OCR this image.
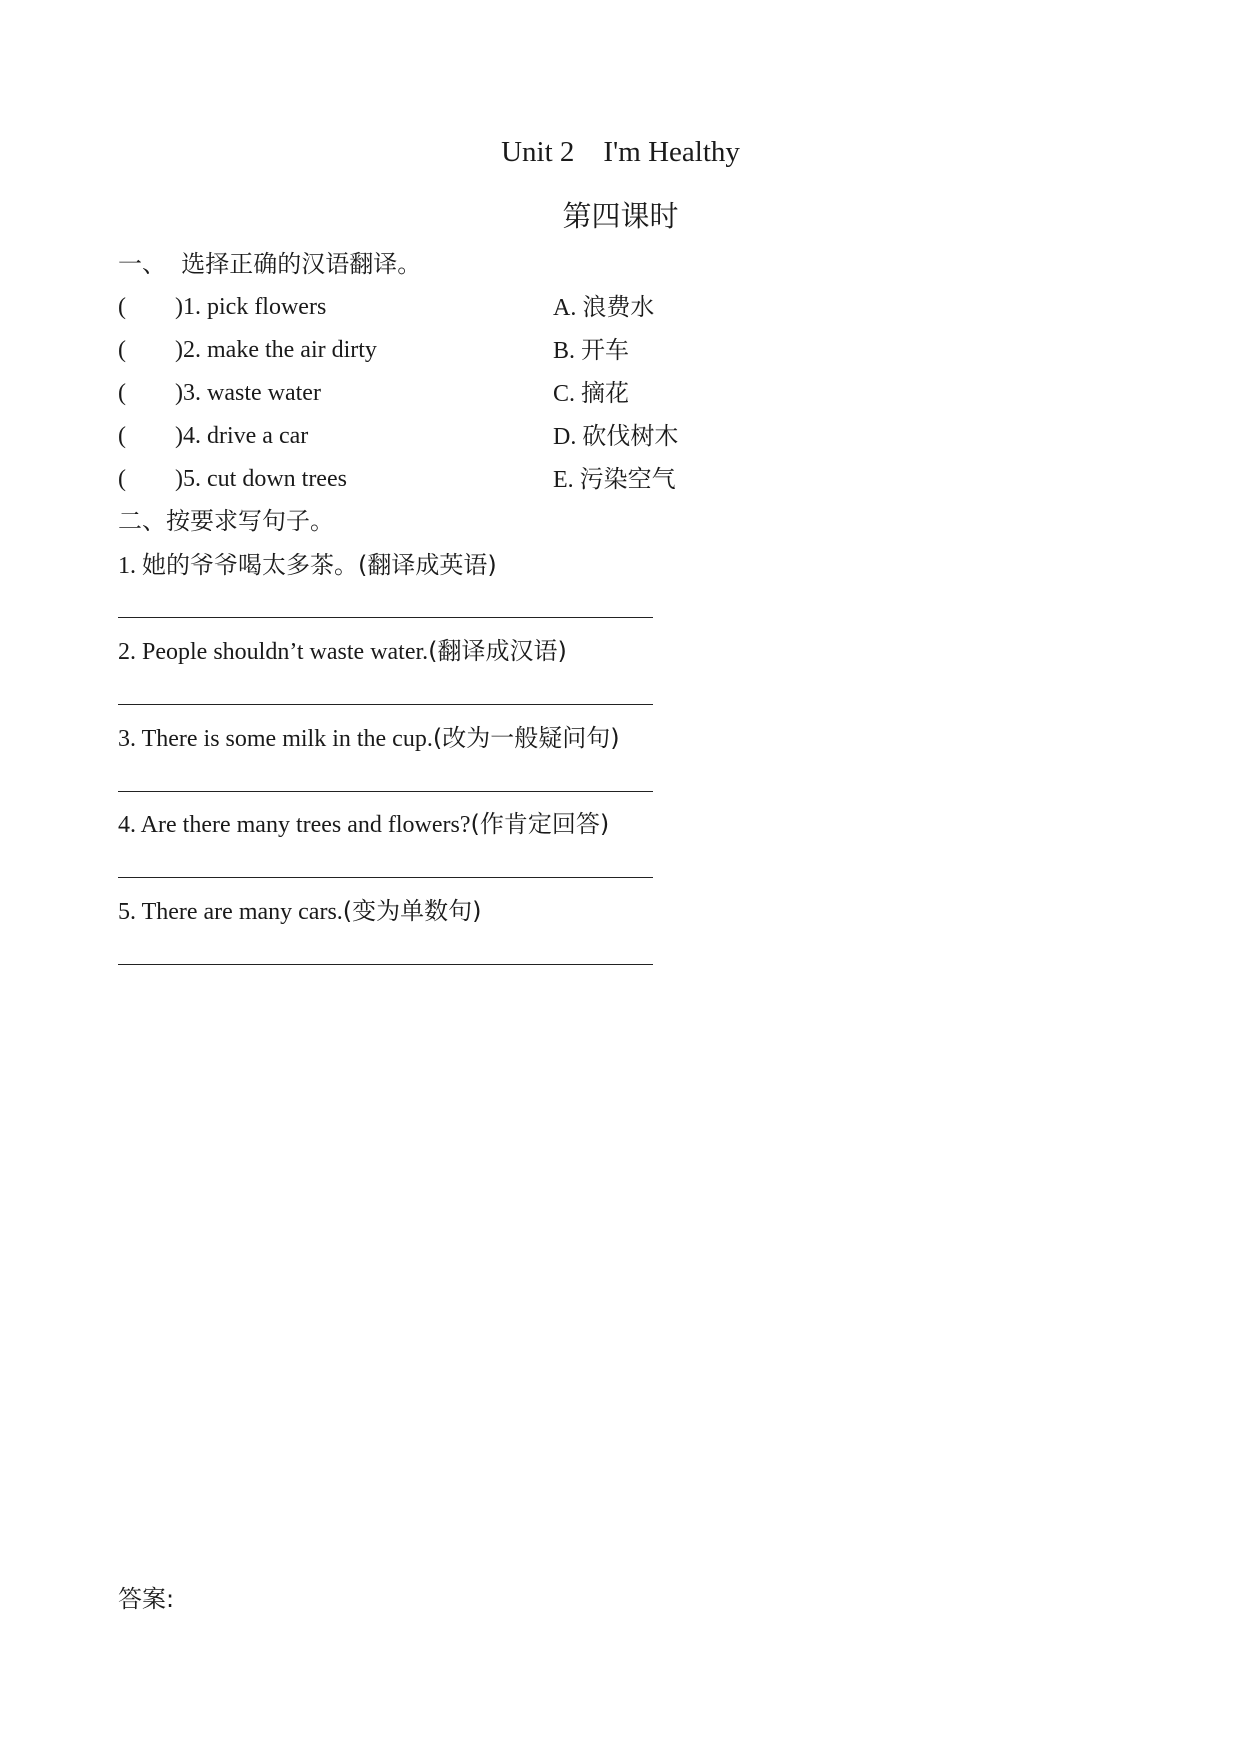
Unit 2    I'm Healthy
第四课时
一、  选择正确的汉语翻译。
( )1. pick flowers	A. 浪费水
( )2. make the air dirty	B. 开车
( )3. waste water	C. 摘花
( )4. drive a car	D. 砍伐树木
( )5. cut down trees	E. 污染空气
二、按要求写句子。
1. 她的爷爷喝太多茶。(翻译成英语)
2. People shouldn’t waste water.(翻译成汉语)
3. There is some milk in the cup.(改为一般疑问句)
4. Are there many trees and flowers?(作肯定回答)
5. There are many cars.(变为单数句)
答案:
